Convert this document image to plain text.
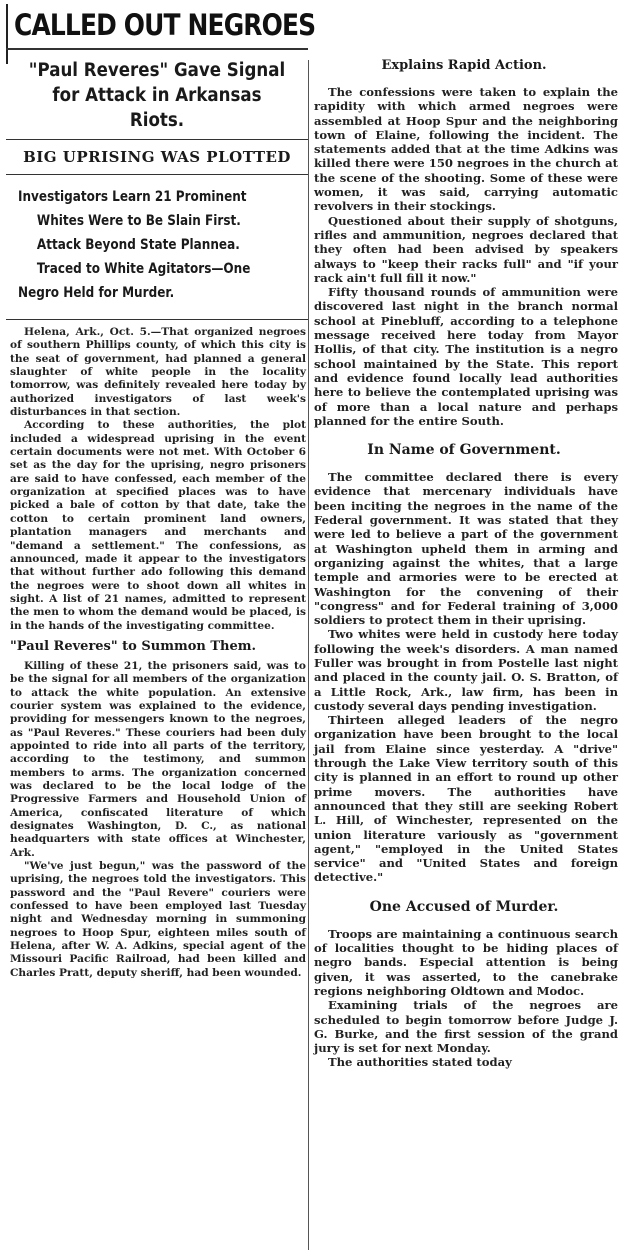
CALLED OUT NEGROES
"Paul Reveres" Gave Signal for Attack in Arkansas Riots.
BIG UPRISING WAS PLOTTED
Investigators Learn 21 Prominent
Whites Were to Be Slain First.
Attack Beyond State Plannea.
Traced to White Agitators—One
Negro Held for Murder.

Helena, Ark., Oct. 5.—That organized negroes of southern Phillips county, of which this city is the seat of government, had planned a general slaughter of white people in the locality tomorrow, was definitely revealed here today by authorized investigators of last week's disturbances in that section.

According to these authorities, the plot included a widespread uprising in the event certain documents were not met. With October 6 set as the day for the uprising, negro prisoners are said to have confessed, each member of the organization at specified places was to have picked a bale of cotton by that date, take the cotton to certain prominent land owners, plantation managers and merchants and "demand a settlement." The confessions, as announced, made it appear to the investigators that without further ado following this demand the negroes were to shoot down all whites in sight. A list of 21 names, admitted to represent the men to whom the demand would be placed, is in the hands of the investigating committee.

"Paul Reveres" to Summon Them.

Killing of these 21, the prisoners said, was to be the signal for all members of the organization to attack the white population. An extensive courier system was explained to the evidence, providing for messengers known to the negroes, as "Paul Reveres." These couriers had been duly appointed to ride into all parts of the territory, according to the testimony, and summon members to arms. The organization concerned was declared to be the local lodge of the Progressive Farmers and Household Union of America, confiscated literature of which designates Washington, D. C., as national headquarters with state offices at Winchester, Ark.

"We've just begun," was the password of the uprising, the negroes told the investigators. This password and the "Paul Revere" couriers were confessed to have been employed last Tuesday night and Wednesday morning in summoning negroes to Hoop Spur, eighteen miles south of Helena, after W. A. Adkins, special agent of the Missouri Pacific Railroad, had been killed and Charles Pratt, deputy sheriff, had been wounded.

Explains Rapid Action.

The confessions were taken to explain the rapidity with which armed negroes were assembled at Hoop Spur and the neighboring town of Elaine, following the incident. The statements added that at the time Adkins was killed there were 150 negroes in the church at the scene of the shooting. Some of these were women, it was said, carrying automatic revolvers in their stockings.

Questioned about their supply of shotguns, rifles and ammunition, negroes declared that they often had been advised by speakers always to "keep their racks full" and "if your rack ain't full fill it now."

Fifty thousand rounds of ammunition were discovered last night in the branch normal school at Pinebluff, according to a telephone message received here today from Mayor Hollis, of that city. The institution is a negro school maintained by the State. This report and evidence found locally lead authorities here to believe the contemplated uprising was of more than a local nature and perhaps planned for the entire South.

In Name of Government.

The committee declared there is every evidence that mercenary individuals have been inciting the negroes in the name of the Federal government. It was stated that they were led to believe a part of the government at Washington upheld them in arming and organizing against the whites, that a large temple and armories were to be erected at Washington for the convening of their "congress" and for Federal training of 3,000 soldiers to protect them in their uprising.

Two whites were held in custody here today following the week's disorders. A man named Fuller was brought in from Postelle last night and placed in the county jail. O. S. Bratton, of a Little Rock, Ark., law firm, has been in custody several days pending investigation.

Thirteen alleged leaders of the negro organization have been brought to the local jail from Elaine since yesterday. A "drive" through the Lake View territory south of this city is planned in an effort to round up other prime movers. The authorities have announced that they still are seeking Robert L. Hill, of Winchester, represented on the union literature variously as "government agent," "employed in the United States service" and "United States and foreign detective."

One Accused of Murder.

Troops are maintaining a continuous search of localities thought to be hiding places of negro bands. Especial attention is being given, it was asserted, to the canebrake regions neighboring Oldtown and Modoc.

Examining trials of the negroes are scheduled to begin tomorrow before Judge J. G. Burke, and the first session of the grand jury is set for next Monday.

The authorities stated today
